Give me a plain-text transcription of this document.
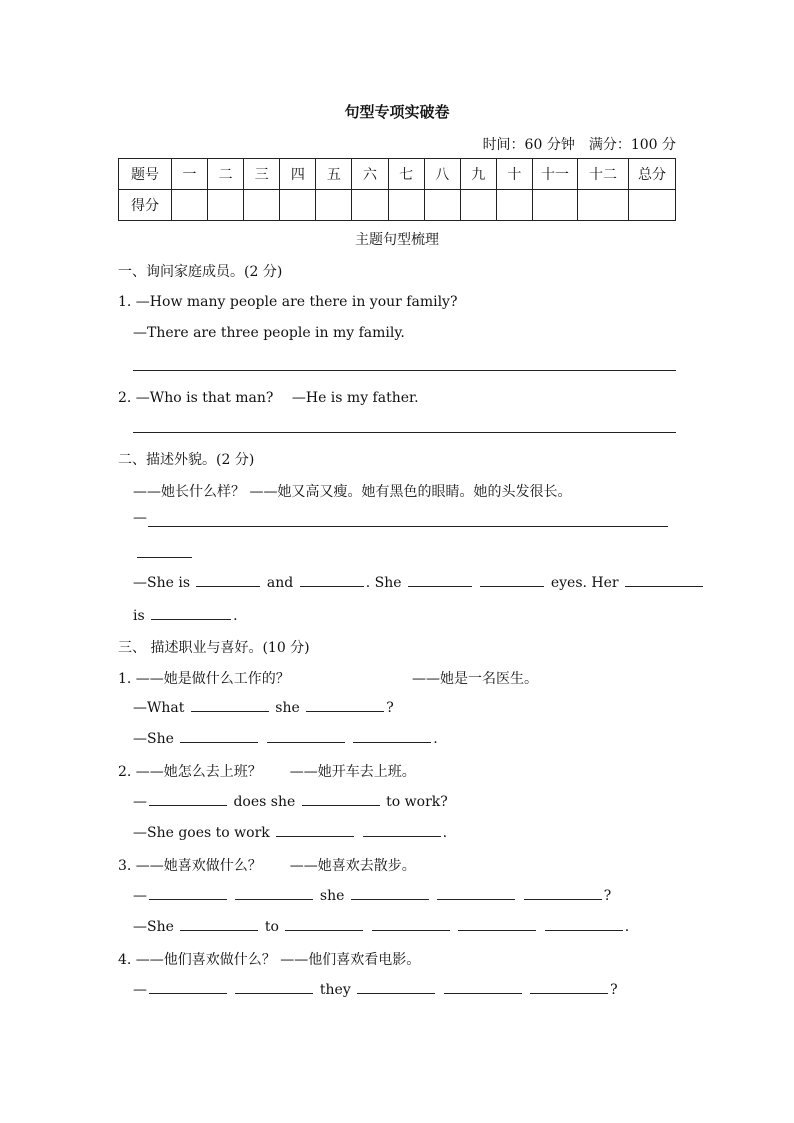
句型专项实破卷
时间：60 分钟　满分：100 分
题号	一	二	三	四	五	六	七	八	九	十	十一	十二	总分
得分													
主题句型梳理
一、询问家庭成员。(2 分)
1. —How many people are there in your family?
—There are three people in my family.
2. —Who is that man?　 —He is my father.
二、描述外貌。(2 分)
——她长什么样？ ——她又高又瘦。她有黑色的眼睛。她的头发很长。
—
—She is	and	. She	eyes. Her
is	.
三、 描述职业与喜好。(10 分)
1. ——她是做什么工作的？	——她是一名医生。
—What	she	?
—She	.
2. ——她怎么去上班？　　——她开车去上班。
—	does she	to work?
—She goes to work	.
3. ——她喜欢做什么？　　——她喜欢去散步。
—	she	?
—She	to	.
4. ——他们喜欢做什么？ ——他们喜欢看电影。
—	they	?
